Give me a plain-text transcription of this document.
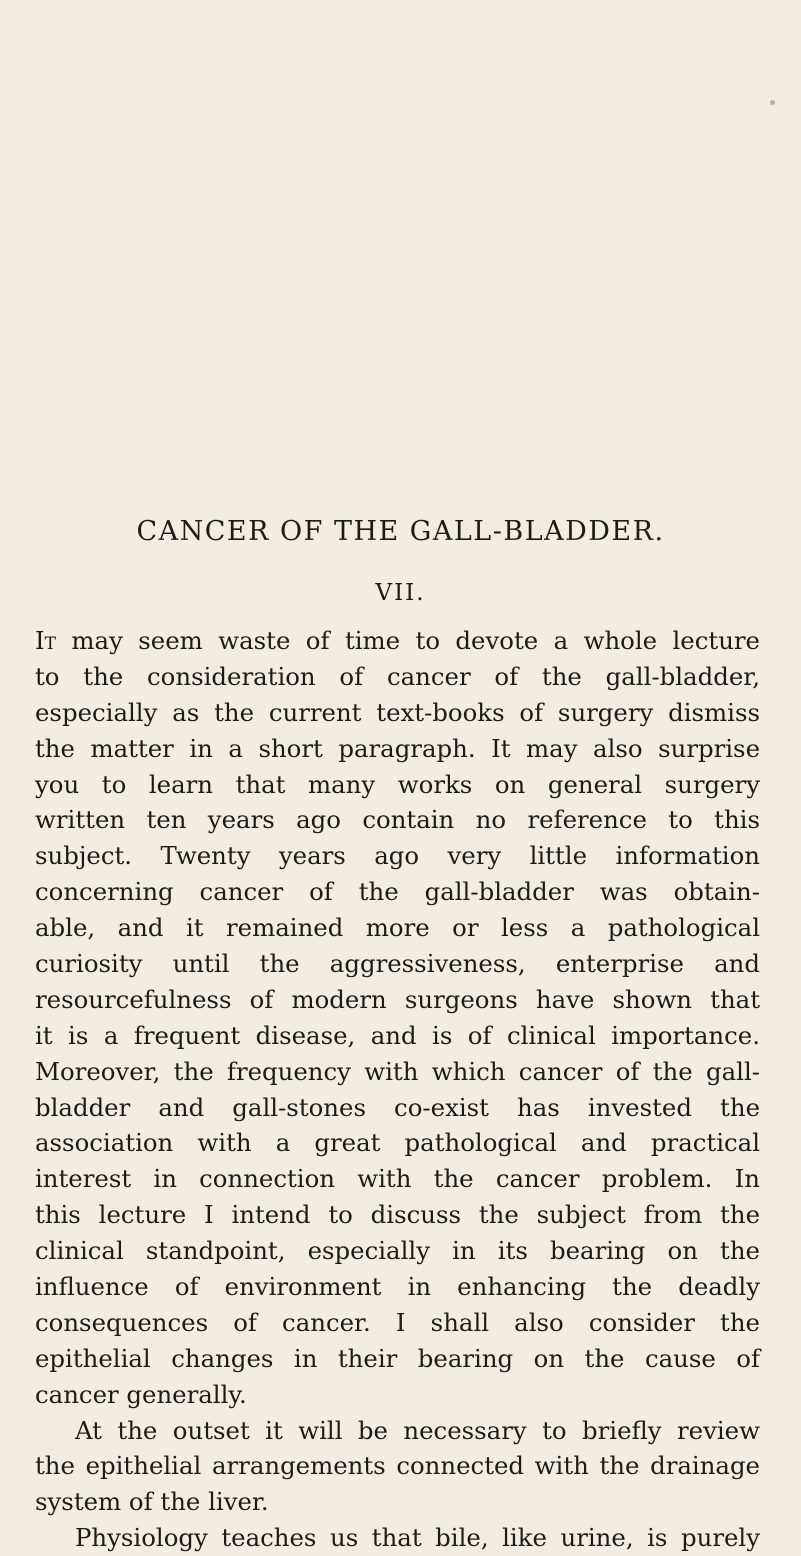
CANCER OF THE GALL-BLADDER.
VII.
It may seem waste of time to devote a whole lecture
to the consideration of cancer of the gall-bladder,
especially as the current text-books of surgery dismiss
the matter in a short paragraph. It may also surprise
you to learn that many works on general surgery
written ten years ago contain no reference to this
subject. Twenty years ago very little information
concerning cancer of the gall-bladder was obtain-
able, and it remained more or less a pathological
curiosity until the aggressiveness, enterprise and
resourcefulness of modern surgeons have shown that
it is a frequent disease, and is of clinical importance.
Moreover, the frequency with which cancer of the gall-
bladder and gall-stones co-exist has invested the
association with a great pathological and practical
interest in connection with the cancer problem. In
this lecture I intend to discuss the subject from the
clinical standpoint, especially in its bearing on the
influence of environment in enhancing the deadly
consequences of cancer. I shall also consider the
epithelial changes in their bearing on the cause of
cancer generally.
At the outset it will be necessary to briefly review
the epithelial arrangements connected with the drainage
system of the liver.
Physiology teaches us that bile, like urine, is purely
